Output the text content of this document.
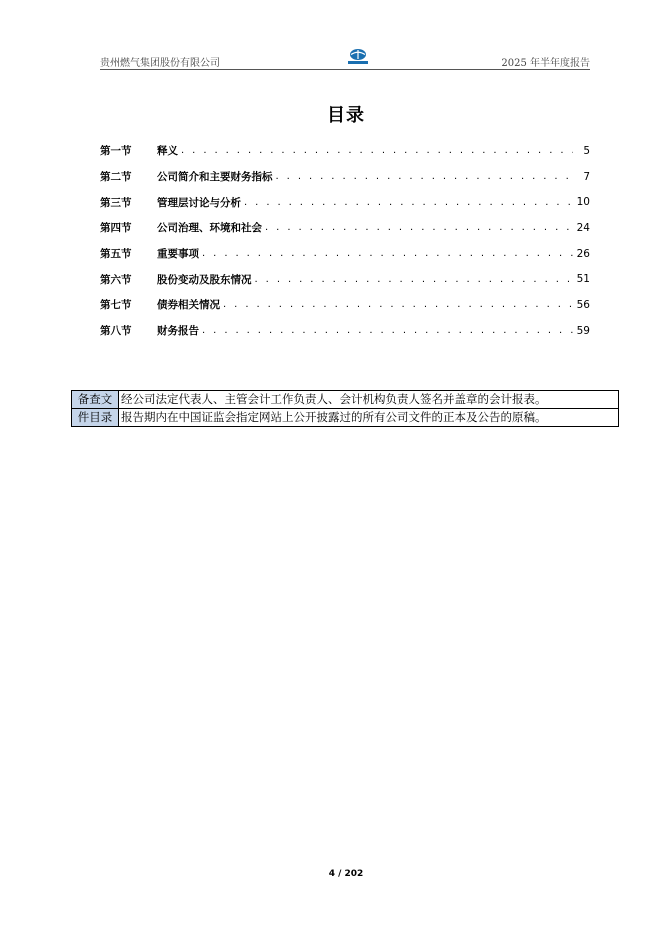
贵州燃气集团股份有限公司	2025 年半年度报告
目录
第一节	释义 . . .	5
第二节	公司简介和主要财务指标 . . .	7
第三节	管理层讨论与分析 . . .	10
第四节	公司治理、环境和社会 . . .	24
第五节	重要事项 . . .	26
第六节	股份变动及股东情况 . . .	51
第七节	债券相关情况 . . .	56
第八节	财务报告 . . .	59
备查文	经公司法定代表人、主管会计工作负责人、会计机构负责人签名并盖章的会计报表。
件目录	报告期内在中国证监会指定网站上公开披露过的所有公司文件的正本及公告的原稿。
4 / 202
